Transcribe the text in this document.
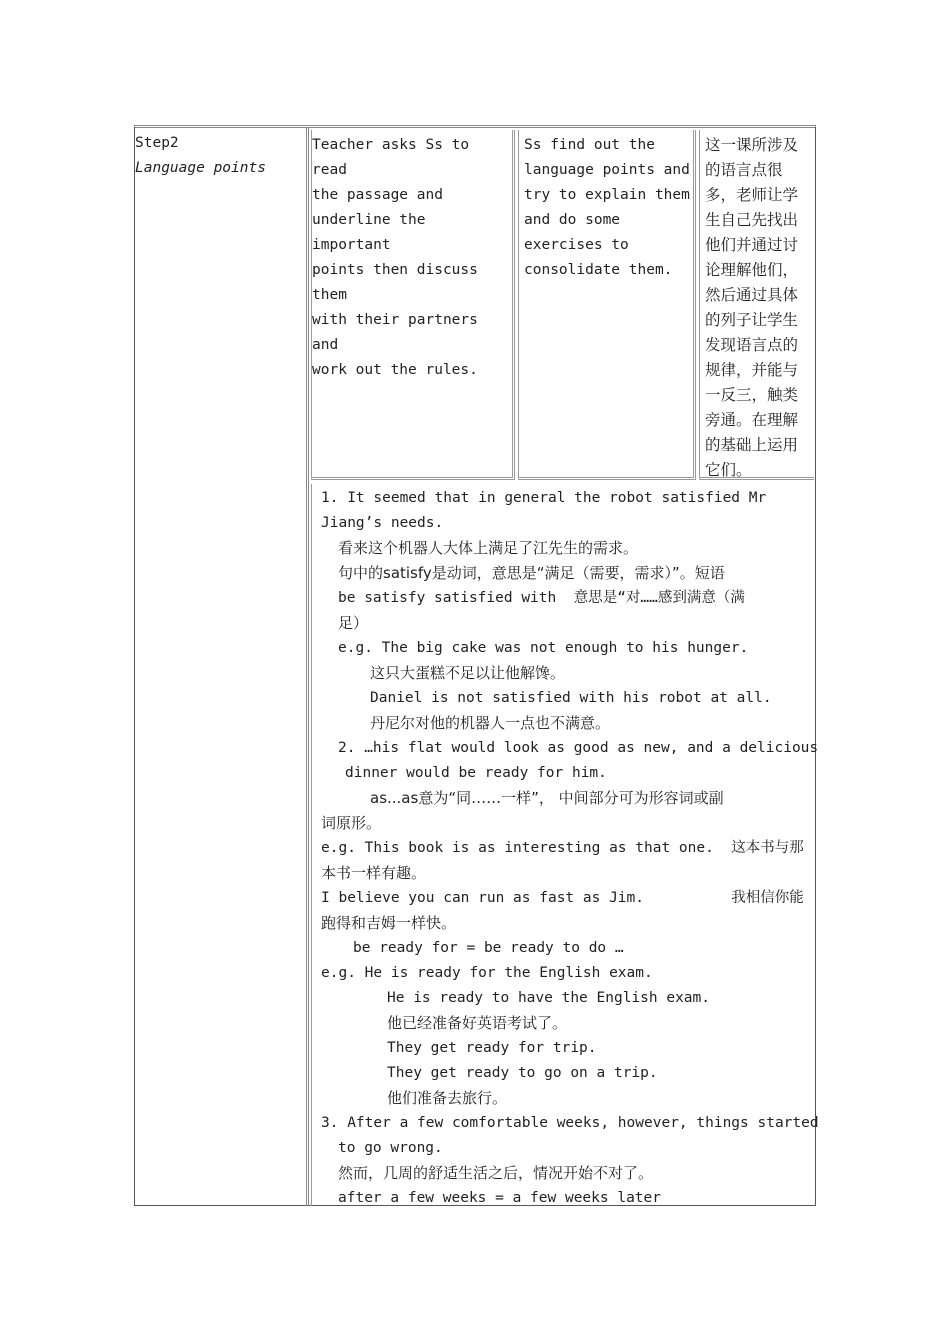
Step2
Language points
Teacher asks Ss to read
the passage and
underline the important
points then discuss them
with their partners and
work out the rules.
Ss find out the
language points and
try to explain them
and do some
exercises to
consolidate them.
这一课所涉及
的语言点很
多，老师让学
生自己先找出
他们并通过讨
论理解他们，
然后通过具体
的列子让学生
发现语言点的
规律，并能与
一反三，触类
旁通。在理解
的基础上运用
它们。
1. It seemed that in general the robot satisfied Mr
Jiang’s needs.
看来这个机器人大体上满足了江先生的需求。
句中的satisfy是动词，意思是“满足（需要，需求）”。短语
be satisfy satisfied with  意思是“对……感到满意（满
足）
e.g. The big cake was not enough to his hunger.
这只大蛋糕不足以让他解馋。
Daniel is not satisfied with his robot at all.
丹尼尔对他的机器人一点也不满意。
2. …his flat would look as good as new, and a delicious
dinner would be ready for him.
as...as意为“同……一样”， 中间部分可为形容词或副
词原形。
e.g. This book is as interesting as that one.  这本书与那
本书一样有趣。
I believe you can run as fast as Jim.          我相信你能
跑得和吉姆一样快。
be ready for = be ready to do …
e.g. He is ready for the English exam.
He is ready to have the English exam.
他已经准备好英语考试了。
They get ready for trip.
They get ready to go on a trip.
他们准备去旅行。
3. After a few comfortable weeks, however, things started
to go wrong.
然而，几周的舒适生活之后，情况开始不对了。
after a few weeks = a few weeks later
